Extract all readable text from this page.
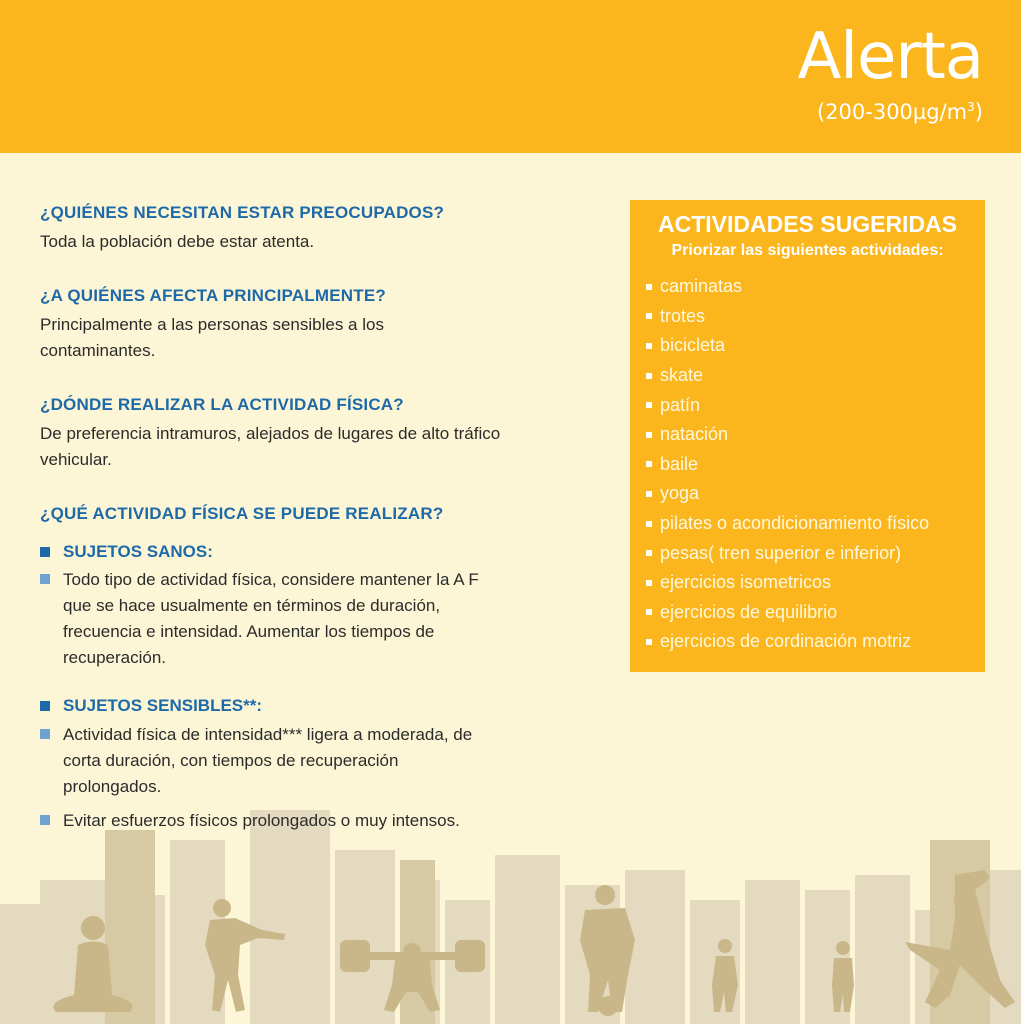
Alerta
$(200-300\mu g/m^3)$

¿QUIÉNES NECESITAN ESTAR PREOCUPADOS?

Toda la población debe estar atenta.

¿A QUIÉNES AFECTA PRINCIPALMENTE?

Principalmente a las personas sensibles a los contaminantes.

¿DÓNDE REALIZAR LA ACTIVIDAD FÍSICA?

De preferencia intramuros, alejados de lugares de alto tráfico vehicular.

¿QUÉ ACTIVIDAD FÍSICA SE PUEDE REALIZAR?

SUJETOS SANOS:
Todo tipo de actividad física, considere mantener la A F que se hace usualmente en términos de duración, frecuencia e intensidad. Aumentar los tiempos de recuperación.
SUJETOS SENSIBLES**:
Actividad física de intensidad*** ligera a moderada, de corta duración, con tiempos de recuperación prolongados.
Evitar esfuerzos físicos prolongados o muy intensos.
ACTIVIDADES SUGERIDAS
Priorizar las siguientes actividades:
caminatas
trotes
bicicleta
skate
patín
natación
baile
yoga
pilates o acondicionamiento físico
pesas( tren superior e inferior)
ejercicios isometricos
ejercicios de equilibrio
ejercicios de cordinación motriz
